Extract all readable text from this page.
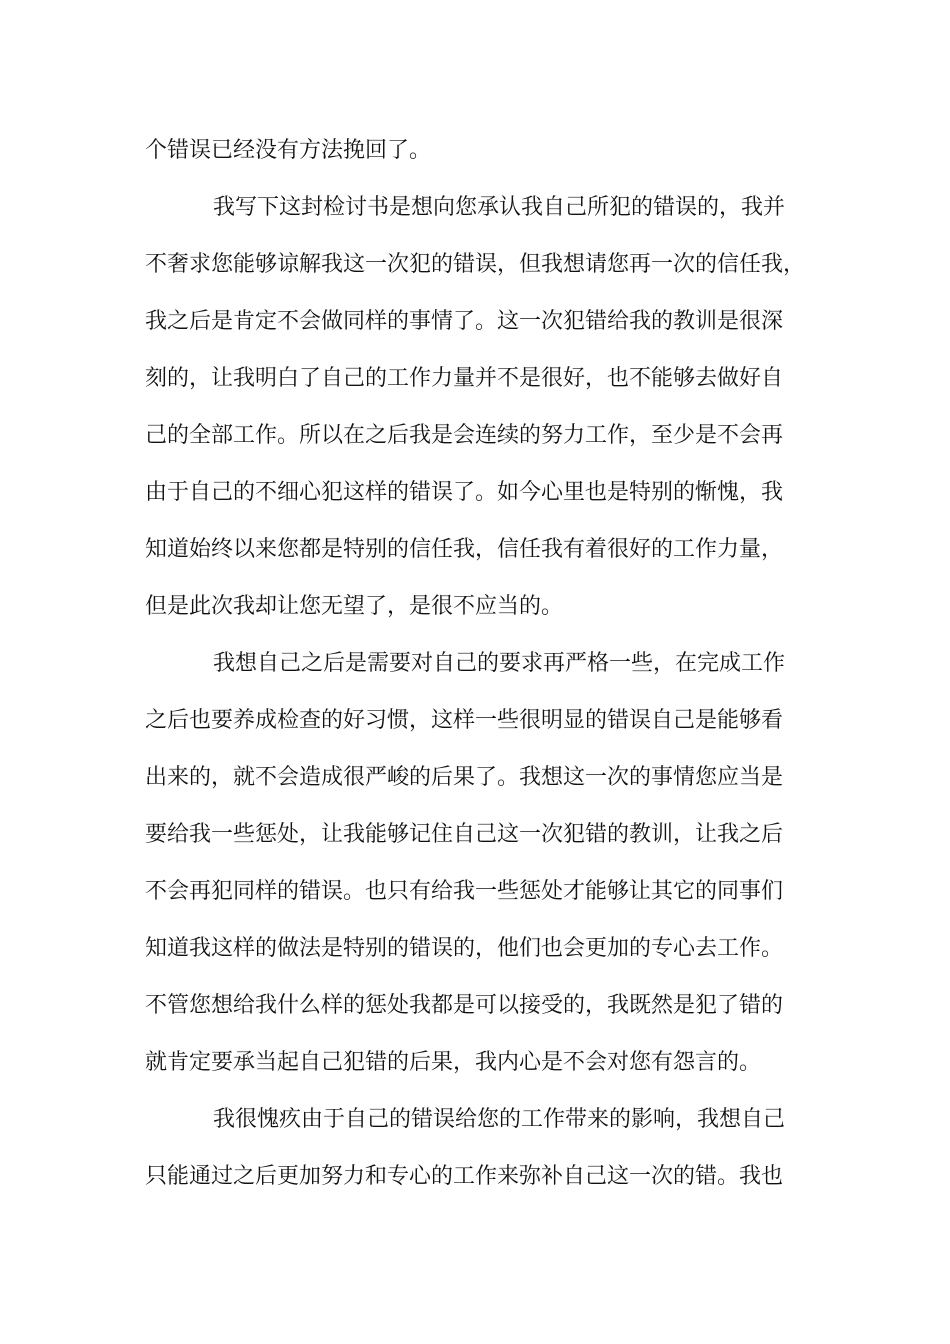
个错误已经没有方法挽回了。
我写下这封检讨书是想向您承认我自己所犯的错误的，我并
不奢求您能够谅解我这一次犯的错误，但我想请您再一次的信任我，
我之后是肯定不会做同样的事情了。这一次犯错给我的教训是很深
刻的，让我明白了自己的工作力量并不是很好，也不能够去做好自
己的全部工作。所以在之后我是会连续的努力工作，至少是不会再
由于自己的不细心犯这样的错误了。如今心里也是特别的惭愧，我
知道始终以来您都是特别的信任我，信任我有着很好的工作力量，
但是此次我却让您无望了，是很不应当的。
我想自己之后是需要对自己的要求再严格一些，在完成工作
之后也要养成检查的好习惯，这样一些很明显的错误自己是能够看
出来的，就不会造成很严峻的后果了。我想这一次的事情您应当是
要给我一些惩处，让我能够记住自己这一次犯错的教训，让我之后
不会再犯同样的错误。也只有给我一些惩处才能够让其它的同事们
知道我这样的做法是特别的错误的，他们也会更加的专心去工作。
不管您想给我什么样的惩处我都是可以接受的，我既然是犯了错的
就肯定要承当起自己犯错的后果，我内心是不会对您有怨言的。
我很愧疚由于自己的错误给您的工作带来的影响，我想自己
只能通过之后更加努力和专心的工作来弥补自己这一次的错。我也
